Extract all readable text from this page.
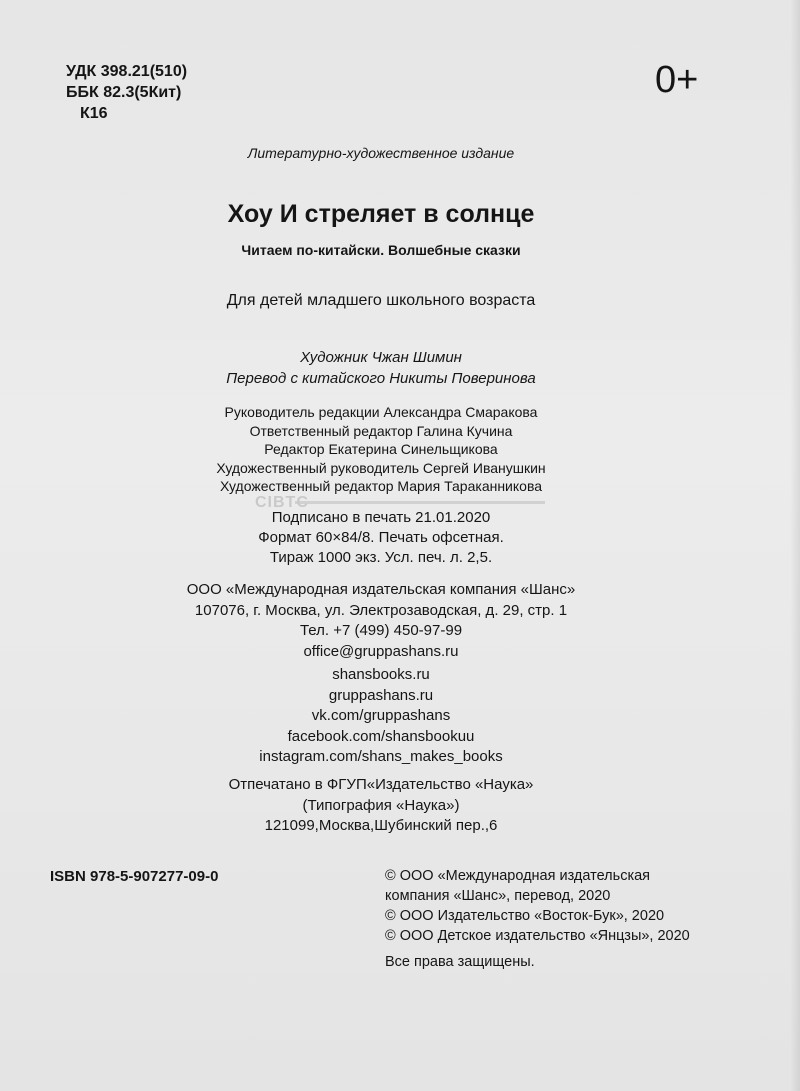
УДК 398.21(510)
ББК 82.3(5Кит)
К16
0+
Литературно-художественное издание
Хоу И стреляет в солнце
Читаем по-китайски. Волшебные сказки
Для детей младшего школьного возраста
Художник Чжан Шимин
Перевод с китайского Никиты Поверинова
Руководитель редакции Александра Смаракова
Ответственный редактор Галина Кучина
Редактор Екатерина Синельщикова
Художественный руководитель Сергей Иванушкин
Художественный редактор Мария Тараканникова
CIBTC
Подписано в печать 21.01.2020
Формат 60×84/8. Печать офсетная.
Тираж 1000 экз. Усл. печ. л. 2,5.
ООО «Международная издательская компания «Шанс»
107076, г. Москва, ул. Электрозаводская, д. 29, стр. 1
Тел. +7 (499) 450-97-99
office@gruppashans.ru
shansbooks.ru
gruppashans.ru
vk.com/gruppashans
facebook.com/shansbookuu
instagram.com/shans_makes_books
Отпечатано в ФГУП«Издательство «Наука»
(Типография «Наука»)
121099,Москва,Шубинский пер.,6
ISBN 978-5-907277-09-0	© ООО «Международная издательская
компания «Шанс», перевод, 2020
© ООО Издательство «Восток-Бук», 2020
© ООО Детское издательство «Янцзы», 2020
Все права защищены.
